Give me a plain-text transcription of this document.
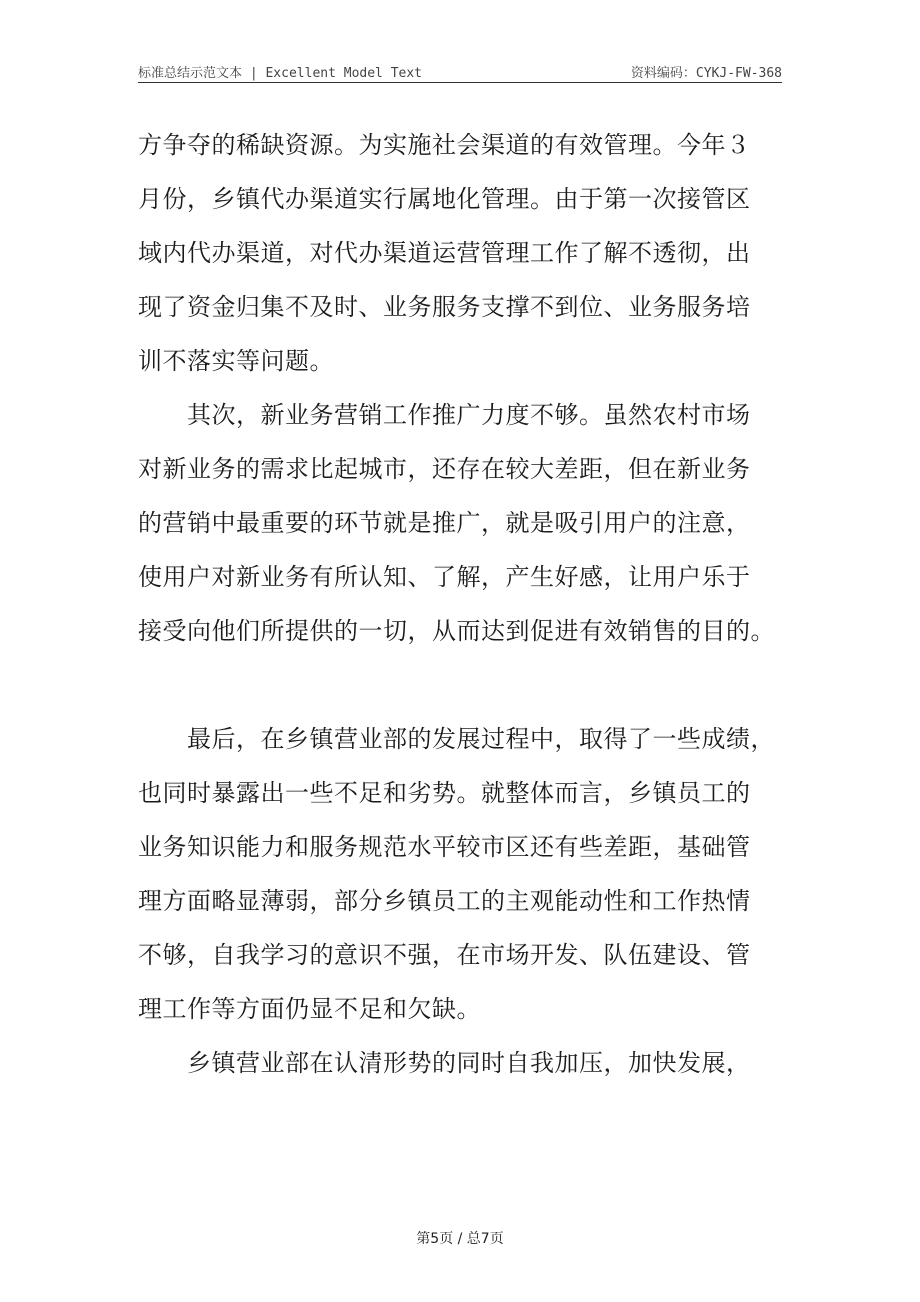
标准总结示范文本 | Excellent Model Text	资料编码：CYKJ-FW-368

方争夺的稀缺资源。为实施社会渠道的有效管理。今年３
月份，乡镇代办渠道实行属地化管理。由于第一次接管区
域内代办渠道，对代办渠道运营管理工作了解不透彻，出
现了资金归集不及时、业务服务支撑不到位、业务服务培
训不落实等问题。

　　其次，新业务营销工作推广力度不够。虽然农村市场
对新业务的需求比起城市，还存在较大差距，但在新业务
的营销中最重要的环节就是推广，就是吸引用户的注意，
使用户对新业务有所认知、了解，产生好感，让用户乐于
接受向他们所提供的一切，从而达到促进有效销售的目的。

　　最后，在乡镇营业部的发展过程中，取得了一些成绩，
也同时暴露出一些不足和劣势。就整体而言，乡镇员工的
业务知识能力和服务规范水平较市区还有些差距，基础管
理方面略显薄弱，部分乡镇员工的主观能动性和工作热情
不够，自我学习的意识不强，在市场开发、队伍建设、管
理工作等方面仍显不足和欠缺。

　　乡镇营业部在认清形势的同时自我加压，加快发展，

第5页 / 总7页
